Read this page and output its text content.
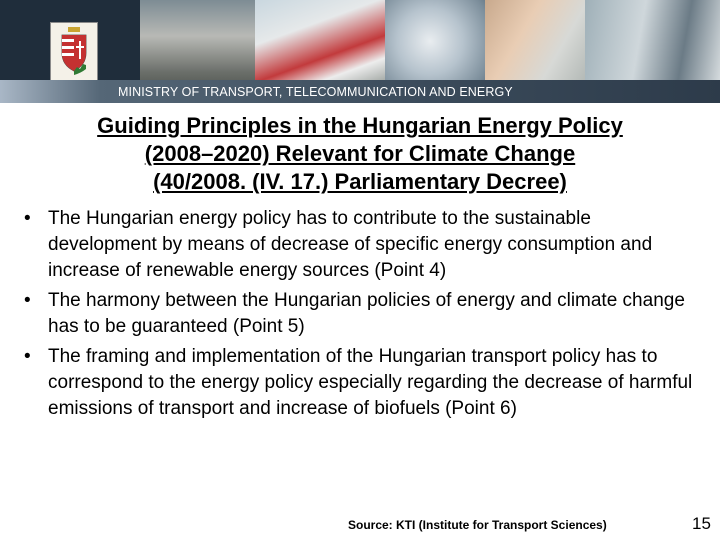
MINISTRY OF TRANSPORT, TELECOMMUNICATION AND ENERGY
Guiding Principles in the Hungarian Energy Policy
(2008–2020) Relevant for Climate Change
(40/2008. (IV. 17.) Parliamentary Decree)
• The Hungarian energy policy has to contribute to the sustainable development by means of decrease of specific energy consumption and increase of renewable energy sources (Point 4)
• The harmony between the Hungarian policies of energy and climate change has to be guaranteed (Point 5)
• The framing and implementation of the Hungarian transport policy has to correspond to the energy policy especially regarding the decrease of harmful emissions of transport and increase of biofuels (Point 6)
Source: KTI (Institute for Transport Sciences)	15
